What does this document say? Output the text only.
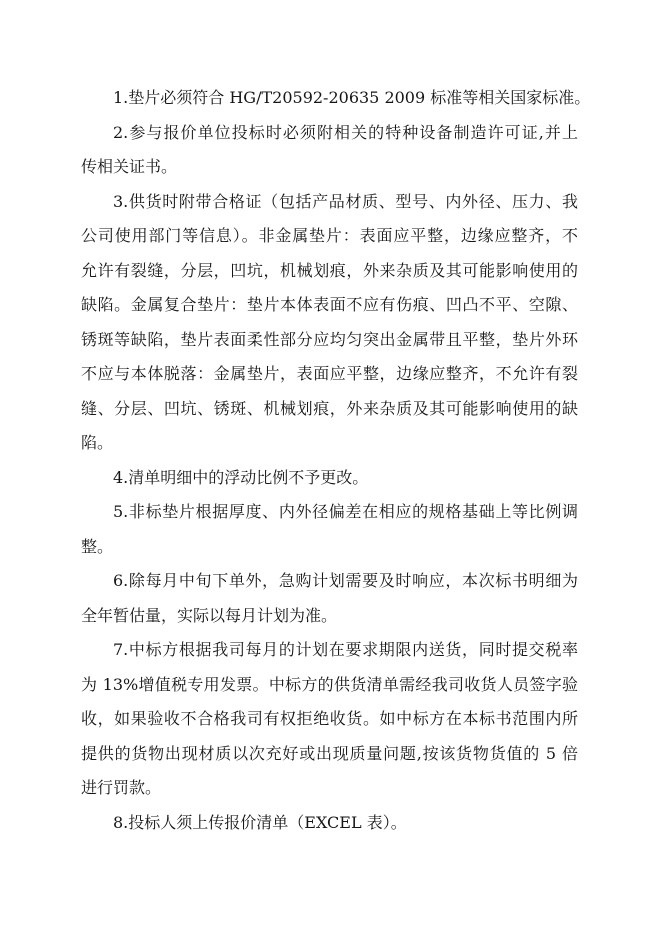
1.垫片必须符合 HG/T20592-20635 2009 标准等相关国家标准。
2.参与报价单位投标时必须附相关的特种设备制造许可证,并上
传相关证书。
3.供货时附带合格证（包括产品材质、型号、内外径、压力、我
公司使用部门等信息）。非金属垫片：表面应平整，边缘应整齐，不
允许有裂缝，分层，凹坑，机械划痕，外来杂质及其可能影响使用的
缺陷。金属复合垫片：垫片本体表面不应有伤痕、凹凸不平、空隙、
锈斑等缺陷，垫片表面柔性部分应均匀突出金属带且平整，垫片外环
不应与本体脱落：金属垫片，表面应平整，边缘应整齐，不允许有裂
缝、分层、凹坑、锈斑、机械划痕，外来杂质及其可能影响使用的缺
陷。
4.清单明细中的浮动比例不予更改。
5.非标垫片根据厚度、内外径偏差在相应的规格基础上等比例调
整。
6.除每月中旬下单外，急购计划需要及时响应，本次标书明细为
全年暂估量，实际以每月计划为准。
7.中标方根据我司每月的计划在要求期限内送货，同时提交税率
为 13%增值税专用发票。中标方的供货清单需经我司收货人员签字验
收，如果验收不合格我司有权拒绝收货。如中标方在本标书范围内所
提供的货物出现材质以次充好或出现质量问题,按该货物货值的 5 倍
进行罚款。
8.投标人须上传报价清单（EXCEL 表）。
